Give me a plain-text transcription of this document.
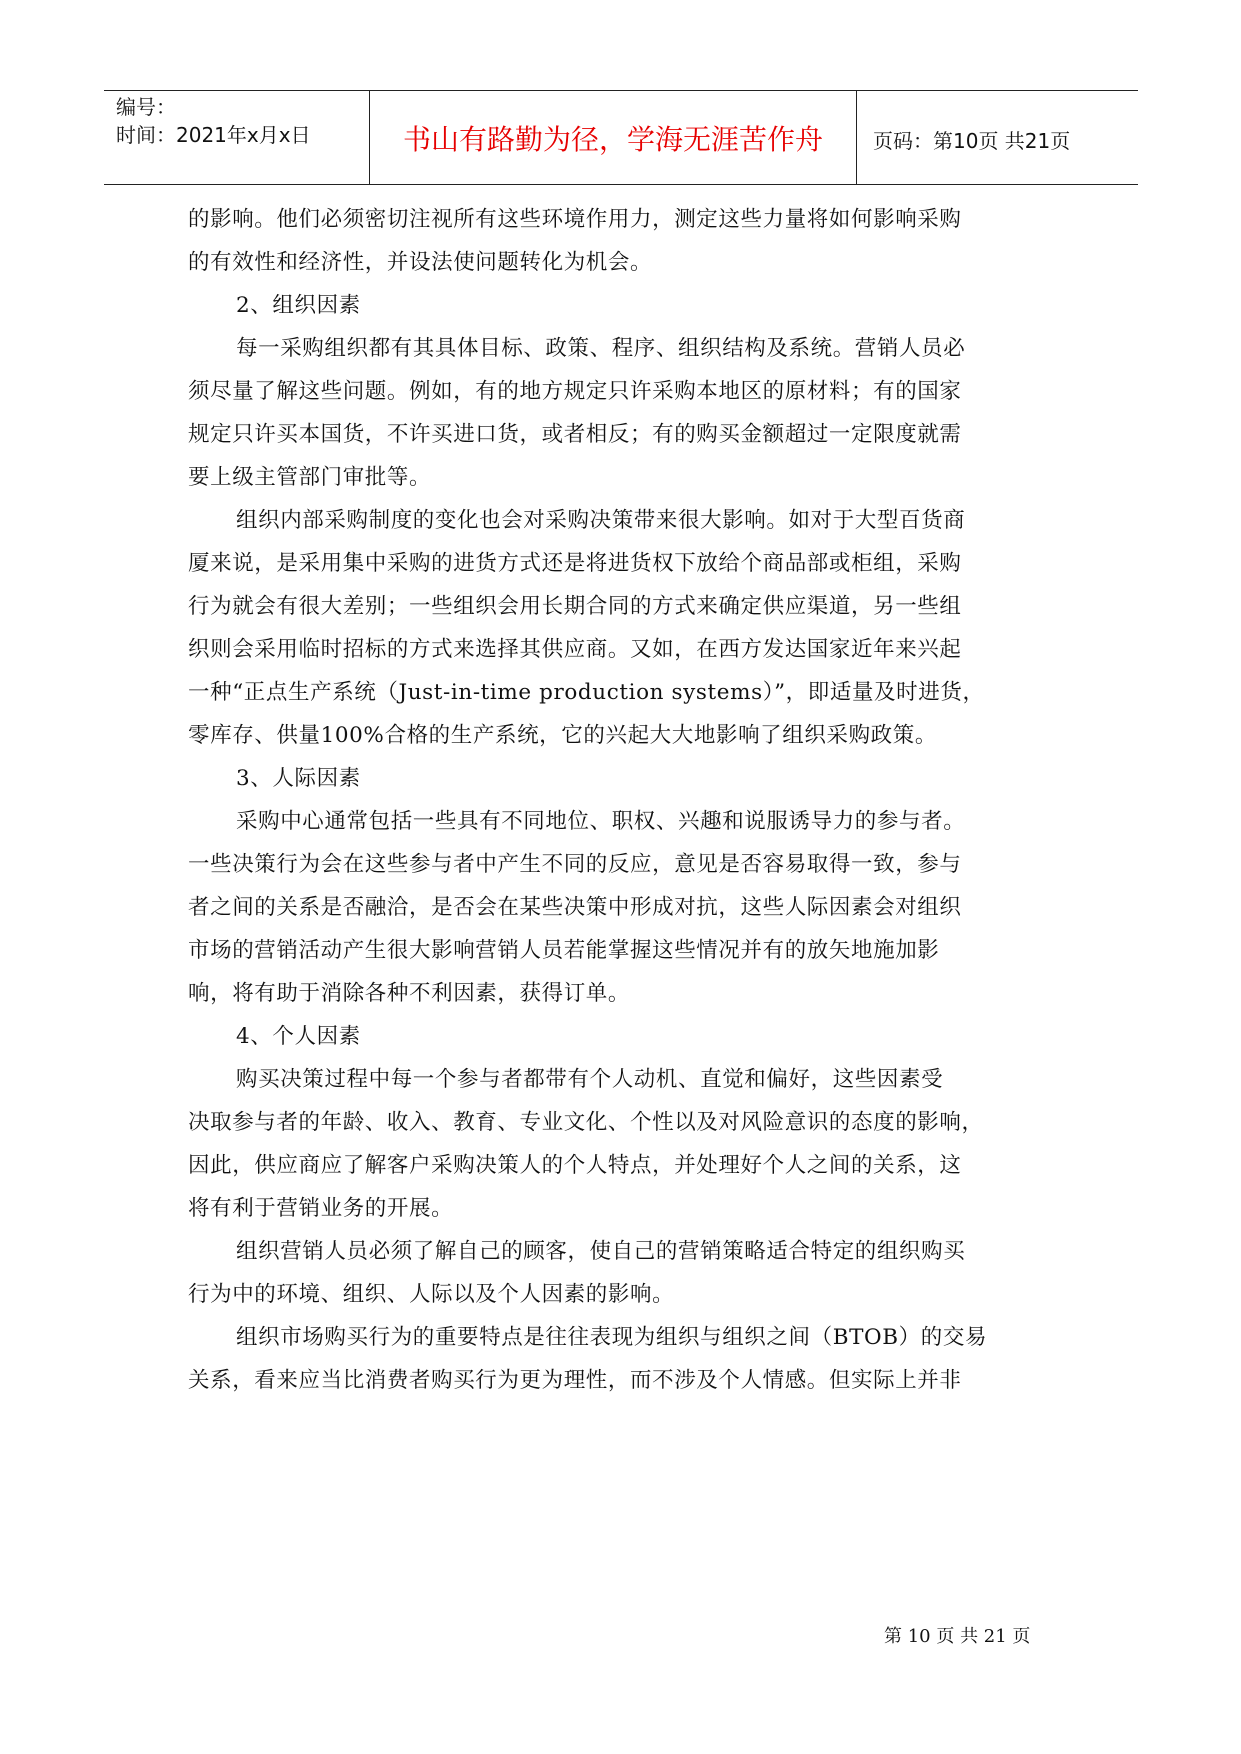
编号：
时间：2021年x月x日	书山有路勤为径，学海无涯苦作舟	页码：第10页 共21页
的影响。他们必须密切注视所有这些环境作用力，测定这些力量将如何影响采购
的有效性和经济性，并设法使问题转化为机会。
2、组织因素
每一采购组织都有其具体目标、政策、程序、组织结构及系统。营销人员必
须尽量了解这些问题。例如，有的地方规定只许采购本地区的原材料；有的国家
规定只许买本国货，不许买进口货，或者相反；有的购买金额超过一定限度就需
要上级主管部门审批等。
组织内部采购制度的变化也会对采购决策带来很大影响。如对于大型百货商
厦来说，是采用集中采购的进货方式还是将进货权下放给个商品部或柜组，采购
行为就会有很大差别；一些组织会用长期合同的方式来确定供应渠道，另一些组
织则会采用临时招标的方式来选择其供应商。又如，在西方发达国家近年来兴起
一种“正点生产系统（Just-in-time production systems）”，即适量及时进货，
零库存、供量100%合格的生产系统，它的兴起大大地影响了组织采购政策。
3、人际因素
采购中心通常包括一些具有不同地位、职权、兴趣和说服诱导力的参与者。
一些决策行为会在这些参与者中产生不同的反应，意见是否容易取得一致，参与
者之间的关系是否融洽，是否会在某些决策中形成对抗，这些人际因素会对组织
市场的营销活动产生很大影响营销人员若能掌握这些情况并有的放矢地施加影
响，将有助于消除各种不利因素，获得订单。
4、个人因素
购买决策过程中每一个参与者都带有个人动机、直觉和偏好，这些因素受
决取参与者的年龄、收入、教育、专业文化、个性以及对风险意识的态度的影响，
因此，供应商应了解客户采购决策人的个人特点，并处理好个人之间的关系，这
将有利于营销业务的开展。
组织营销人员必须了解自己的顾客，使自己的营销策略适合特定的组织购买
行为中的环境、组织、人际以及个人因素的影响。
组织市场购买行为的重要特点是往往表现为组织与组织之间（BTOB）的交易
关系，看来应当比消费者购买行为更为理性，而不涉及个人情感。但实际上并非
第 10 页 共 21 页
